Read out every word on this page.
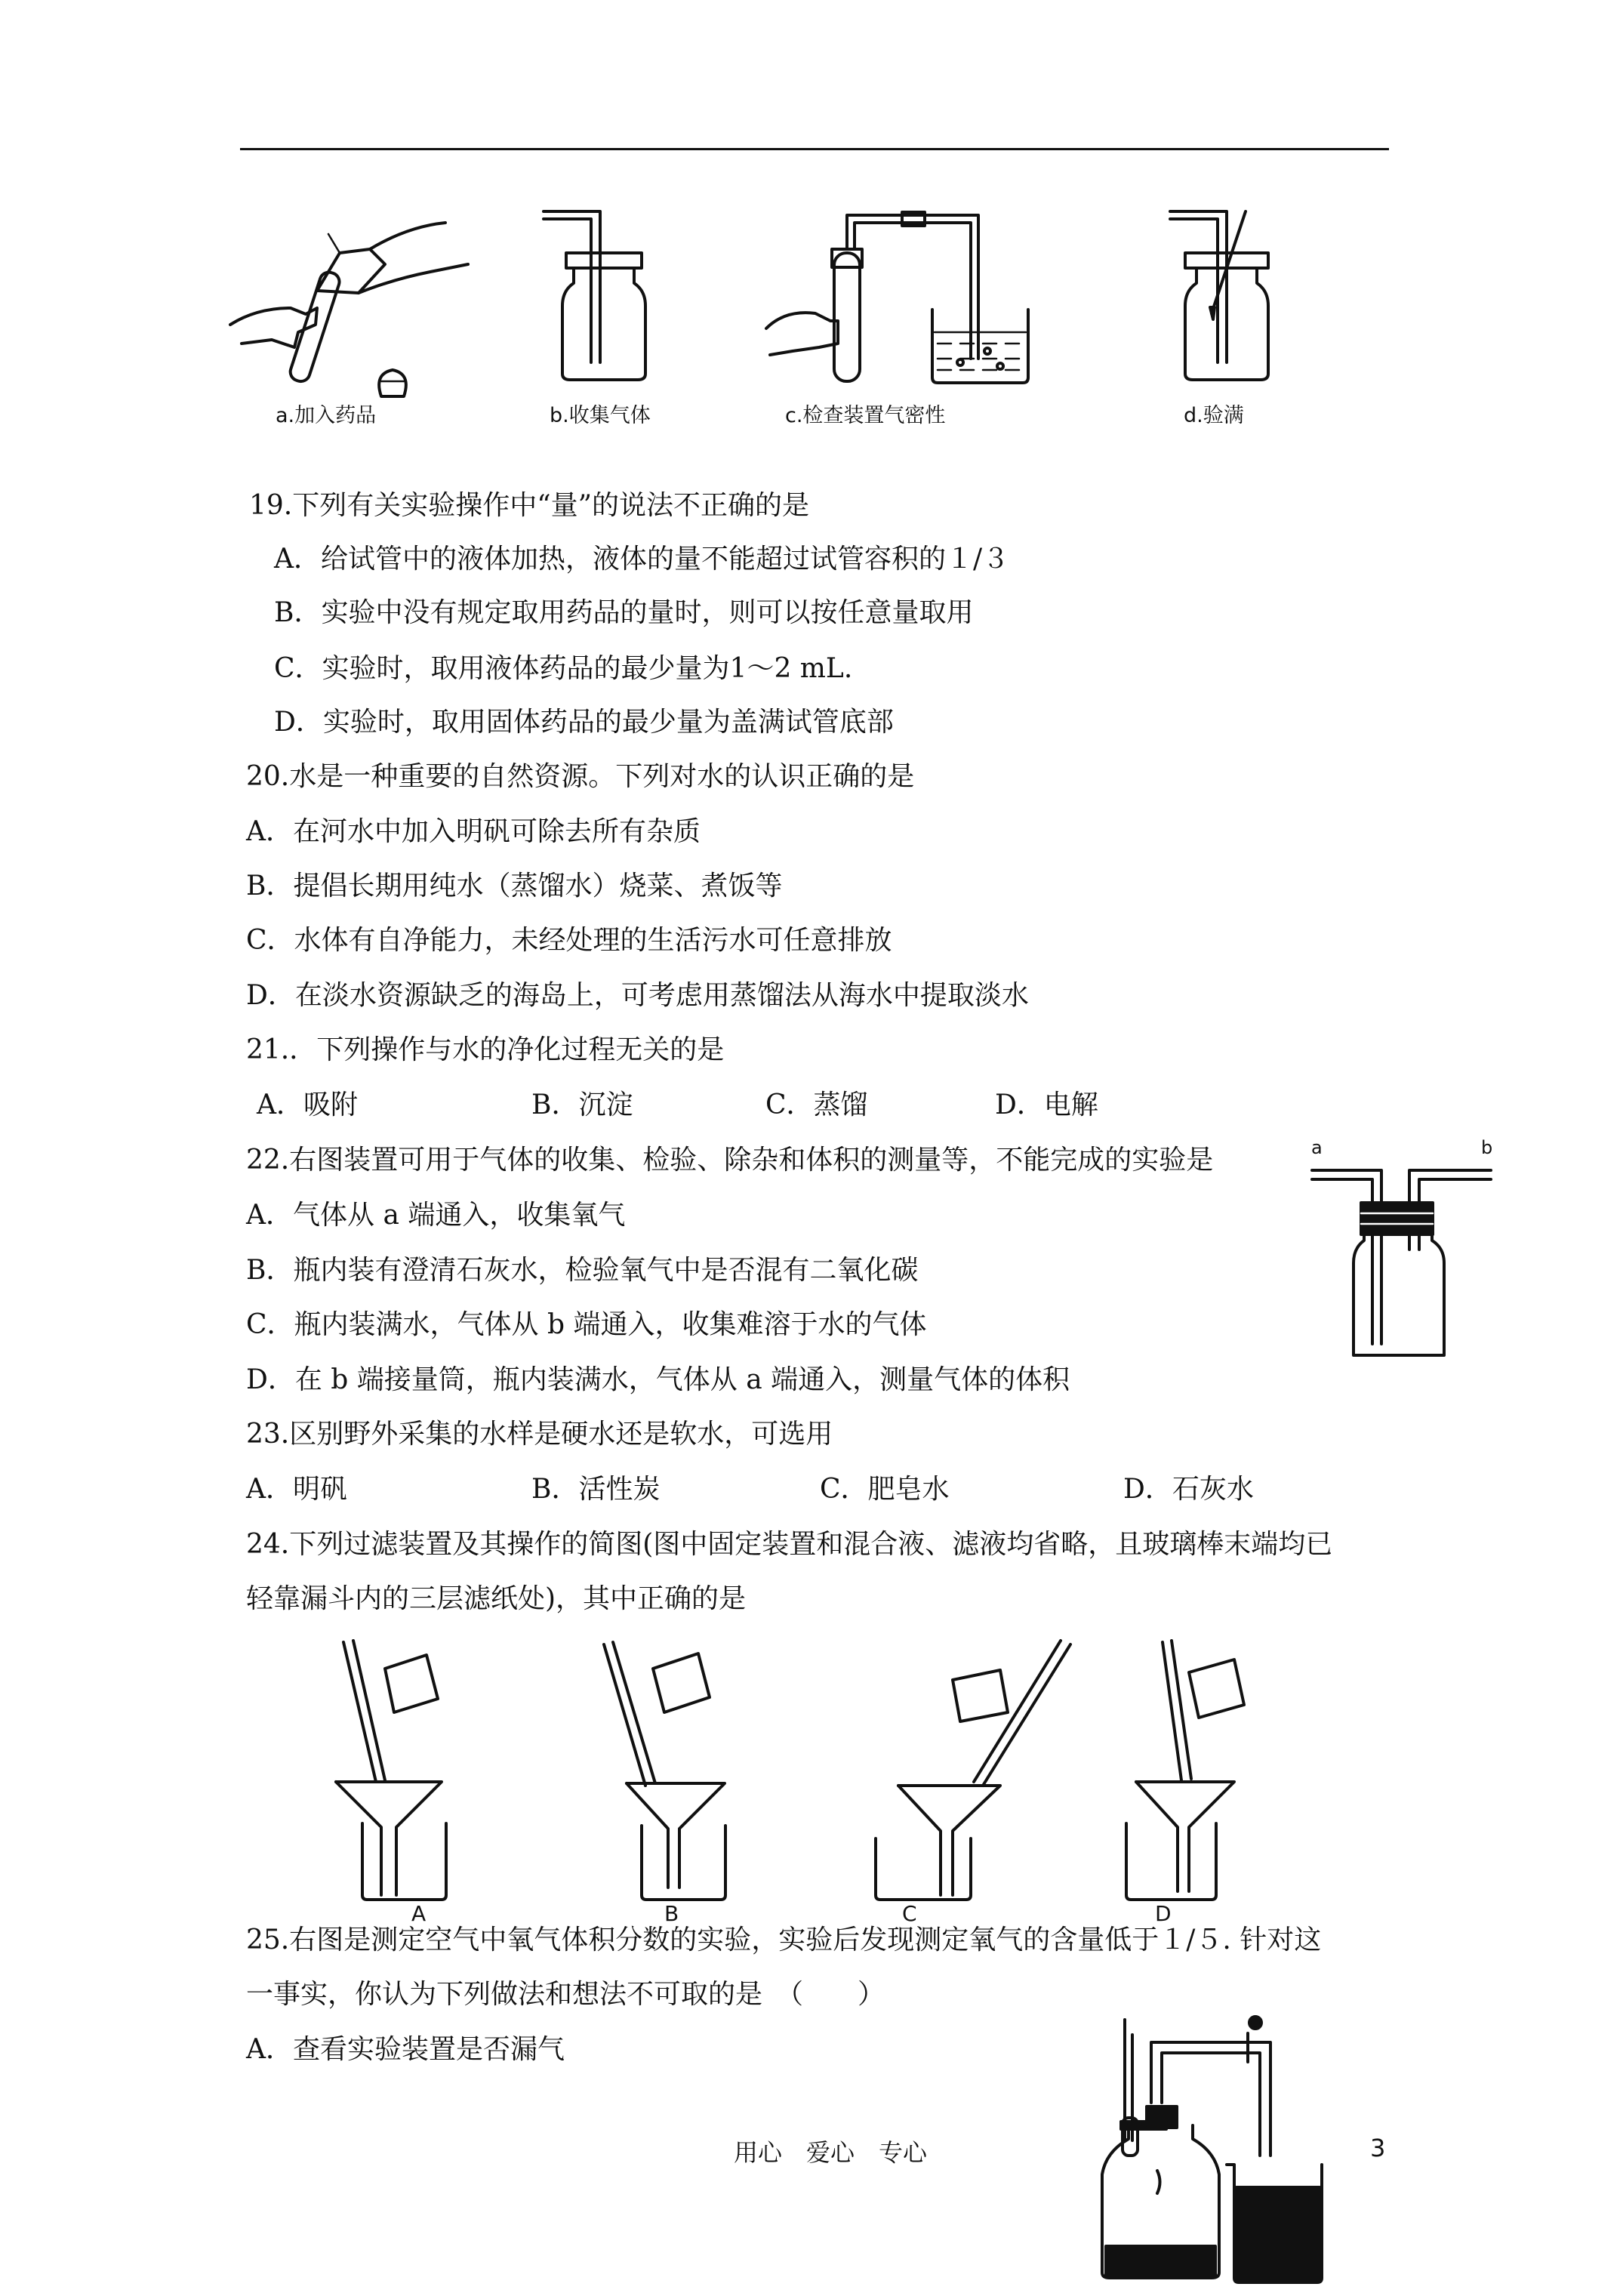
a.加入药品	b.收集气体	c.检查装置气密性	d.验满
19.下列有关实验操作中“量”的说法不正确的是
A．给试管中的液体加热，液体的量不能超过试管容积的１/３
B．实验中没有规定取用药品的量时，则可以按任意量取用
C．实验时，取用液体药品的最少量为1～2 mL.
D．实验时，取用固体药品的最少量为盖满试管底部
20.水是一种重要的自然资源。下列对水的认识正确的是
A．在河水中加入明矾可除去所有杂质
B．提倡长期用纯水（蒸馏水）烧菜、煮饭等
C．水体有自净能力，未经处理的生活污水可任意排放
D．在淡水资源缺乏的海岛上，可考虑用蒸馏法从海水中提取淡水
21.．下列操作与水的净化过程无关的是
A．吸附	B．沉淀	C．蒸馏	D．电解
22.右图装置可用于气体的收集、检验、除杂和体积的测量等，不能完成的实验是
A．气体从 a 端通入，收集氧气
B．瓶内装有澄清石灰水，检验氧气中是否混有二氧化碳
C．瓶内装满水，气体从 b 端通入，收集难溶于水的气体
D．在 b 端接量筒，瓶内装满水，气体从 a 端通入，测量气体的体积
a	b
23.区别野外采集的水样是硬水还是软水，可选用
A．明矾	B．活性炭	C．肥皂水	D．石灰水
24.下列过滤装置及其操作的简图(图中固定装置和混合液、滤液均省略，且玻璃棒末端均已
轻靠漏斗内的三层滤纸处)，其中正确的是
A	B	C	D
25.右图是测定空气中氧气体积分数的实验，实验后发现测定氧气的含量低于１/５. 针对这
一事实，你认为下列做法和想法不可取的是　（　　）
A．查看实验装置是否漏气
用心　爱心　专心	3
